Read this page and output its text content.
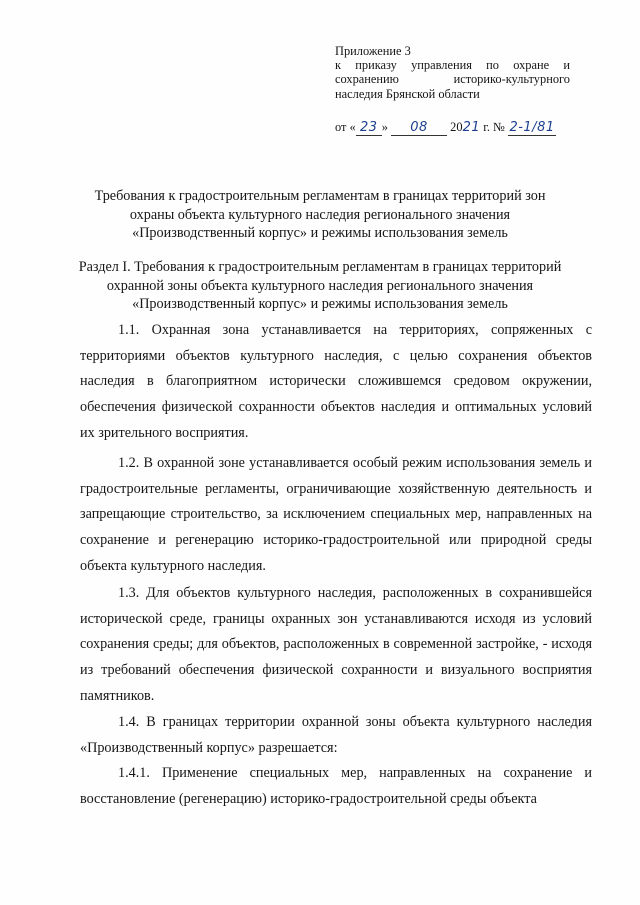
Приложение 3
к приказу управления по охране и
сохранению	историко-культурного
наследия Брянской области
от « 23 » 08 2021 г. № 2-1/81
Требования к градостроительным регламентам в границах территорий зон
охраны объекта культурного наследия регионального значения
«Производственный корпус» и режимы использования земель
Раздел I. Требования к градостроительным регламентам в границах территорий
охранной зоны объекта культурного наследия регионального значения
«Производственный корпус» и режимы использования земель

1.1. Охранная зона устанавливается на территориях, сопряженных с территориями объектов культурного наследия, с целью сохранения объектов наследия в благоприятном исторически сложившемся средовом окружении, обеспечения физической сохранности объектов наследия и оптимальных условий их зрительного восприятия.

1.2. В охранной зоне устанавливается особый режим использования земель и градостроительные регламенты, ограничивающие хозяйственную деятельность и запрещающие строительство, за исключением специальных мер, направленных на сохранение и регенерацию историко-градостроительной или природной среды объекта культурного наследия.

1.3. Для объектов культурного наследия, расположенных в сохранившейся исторической среде, границы охранных зон устанавливаются исходя из условий сохранения среды; для объектов, расположенных в современной застройке, - исходя из требований обеспечения физической сохранности и визуального восприятия памятников.

1.4. В границах территории охранной зоны объекта культурного наследия «Производственный корпус» разрешается:

1.4.1. Применение специальных мер, направленных на сохранение и восстановление (регенерацию) историко-градостроительной среды объекта
